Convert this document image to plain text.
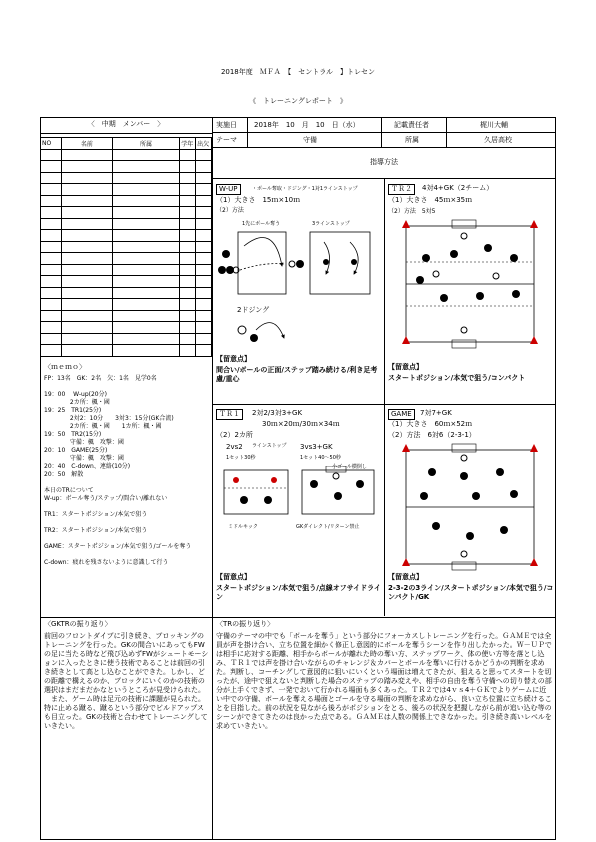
2018年度　ＭＦＡ　【　セントラル　】トレセン
《　トレーニングレポート　》
〈　中期　メンバー　〉
NO	名前	所属	学年	出欠

〈ｍｅｍｏ〉
FP：13名　GK：2名　欠：1名　見学0名
19：00　 W-up(20分)
　　　　 2カ所：楓・國
19：25　TR1(25分)
　　　　 2対2：10分　　3対3：15分(GK合流)
　　　　 2カ所：楓・國　　1カ所：楓・國
19：50　TR2(15分)
　　　　 守備：楓　攻撃：國
20：10　GAME(25分)
　　　　 守備：楓　攻撃：國
20：40　C-down、連絡(10分)
20：50　解散
本日のTRについて
W-up：ボール奪う/ステップ/間合い/離れない
TR1：スタートポジション/本気で狙う
TR2：スタートポジション/本気で狙う
GAME：スタートポジション/本気で狙う/ゴールを奪う
C-down：疲れを残さないように意識して行う
実施日 2018年　10　月　10　日（水）	記載責任者	梶川大輔
テーマ	守備	所属	久居高校
指導方法
W-UP	・ボール奪取・ドジング・1対1ラインストップ
（1）大きさ　15ｍ×10ｍ
（2）方法
1先にボール奪う	3ラインストップ
2ドジング
【留意点】
間合い/ボールの正面/ステップ踏み続ける/利き足考慮/重心
ＴＲ２	4対4+GK（2チーム）
（1）大きさ　45ｍ×35ｍ
（2）方法　5対5
【留意点】
スタートポジション/本気で狙う/コンパクト
ＴＲ１	2対2/3対3+GK
30ｍ×20ｍ/30ｍ×34ｍ
（2）2カ所
2vs2 ラインストップ 3vs3+GK
1セット30秒	1セット40～50秒
小ゴール横倒し
ミドルキック	GKダイレクト/リターン禁止
【留意点】
スタートポジション/本気で狙う/点線オフサイドライン
GAME	7対7+GK
（1）大きさ　60ｍ×52ｍ
（2）方法　6対6（2-3-1）
【留意点】
2-3-2の3ライン/スタートポジション/本気で狙う/コンパクト/GK
〈GKTRの振り返り〉
前回のフロントダイブに引き続き、ブロッキングのトレーニングを行った。GKの間合いにあってもFWの足に当たる時など飛び込めずFWがシュートモーションに入ったときに使う技術であることは前回の引き続きとして高とし込むことができた。しかし、どの距離で構えるのか、ブロックにいくのかの技術の選択はまだまだかなというところが見受けられた。
　また、ゲーム時は足元の技術に課題が見られた。特に止める蹴る、蹴るという部分でビルドアップスも目立った。GKの技術と合わせてトレーニングしていきたい。
〈TRの振り返り〉
守備のテーマの中でも「ボールを奪う」という部分にフォーカスしトレーニングを行った。ＧＡＭＥでは全員が声を掛け合い、立ち位置を細かく修正し意図的にボールを奪うシーンを作り出したかった。Ｗ－ＵＰでは相手に応対する距離、相手からボールが離れた時の奪い方、ステップワーク、体の使い方等を落とし込み、ＴＲ１では声を掛け合いながらのチャレンジ＆カバーとボールを奪いに行けるかどうかの判断を求めた。判断し、コーチングして意図的に狙いにいくという場面は増えてきたが、狙えると思ってスタートを切ったが、途中で狙えないと判断した場合のステップの踏み変えや、相手の自由を奪う守備への切り替えの部分が上手くできず、一発でおいて行かれる場面も多くあった。ＴＲ２では4ｖｓ4＋ＧＫでよりゲームに近い中での守備、ボールを奪える場面とゴールを守る場面の判断を求めながら、良い立ち位置に立ち続けることを目指した。前の状況を見ながら後ろがポジションをとる、後ろの状況を把握しながら前が追い込む等のシーンができてきたのは良かった点である。ＧＡＭＥは人数の関係上できなかった。引き続き高いレベルを求めていきたい。
